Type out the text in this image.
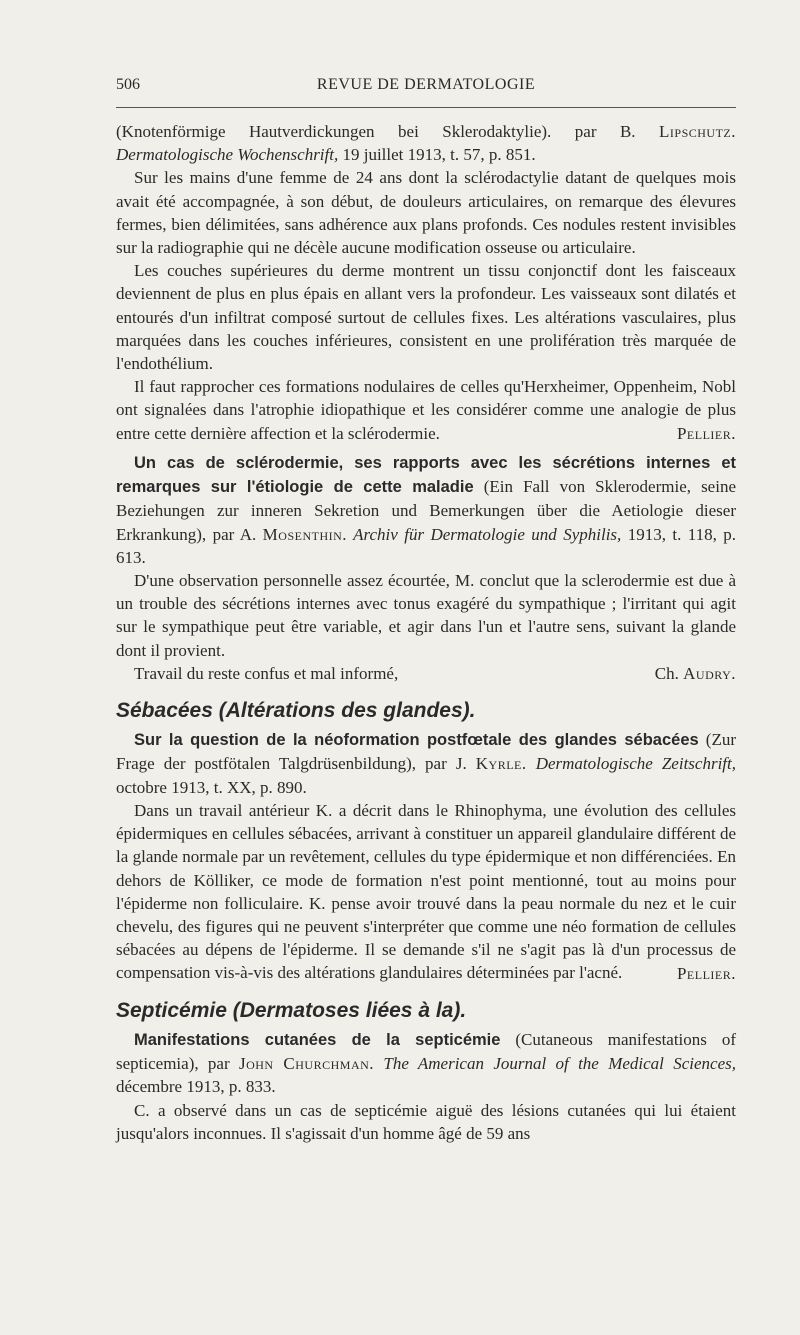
506	REVUE DE DERMATOLOGIE

(Knotenförmige Hautverdickungen bei Sklerodaktylie). par B. Lipschutz. Dermatologische Wochenschrift, 19 juillet 1913, t. 57, p. 851.

Sur les mains d'une femme de 24 ans dont la sclérodactylie datant de quelques mois avait été accompagnée, à son début, de douleurs articulaires, on remarque des élevures fermes, bien délimitées, sans adhérence aux plans profonds. Ces nodules restent invisibles sur la radiographie qui ne décèle aucune modification osseuse ou articulaire.

Les couches supérieures du derme montrent un tissu conjonctif dont les faisceaux deviennent de plus en plus épais en allant vers la profondeur. Les vaisseaux sont dilatés et entourés d'un infiltrat composé surtout de cellules fixes. Les altérations vasculaires, plus marquées dans les couches inférieures, consistent en une prolifération très marquée de l'endothélium.

Il faut rapprocher ces formations nodulaires de celles qu'Herxheimer, Oppenheim, Nobl ont signalées dans l'atrophie idiopathique et les considérer comme une analogie de plus entre cette dernière affection et la sclérodermie.	Pellier.

Un cas de sclérodermie, ses rapports avec les sécrétions internes et remarques sur l'étiologie de cette maladie (Ein Fall von Sklerodermie, seine Beziehungen zur inneren Sekretion und Bemerkungen über die Aetiologie dieser Erkrankung), par A. Mosenthin. Archiv für Dermatologie und Syphilis, 1913, t. 118, p. 613.

D'une observation personnelle assez écourtée, M. conclut que la sclerodermie est due à un trouble des sécrétions internes avec tonus exagéré du sympathique ; l'irritant qui agit sur le sympathique peut être variable, et agir dans l'un et l'autre sens, suivant la glande dont il provient.

Travail du reste confus et mal informé,	Ch. Audry.

Sébacées (Altérations des glandes).

Sur la question de la néoformation postfœtale des glandes sébacées (Zur Frage der postfötalen Talgdrüsenbildung), par J. Kyrle. Dermatologische Zeitschrift, octobre 1913, t. XX, p. 890.

Dans un travail antérieur K. a décrit dans le Rhinophyma, une évolution des cellules épidermiques en cellules sébacées, arrivant à constituer un appareil glandulaire différent de la glande normale par un revêtement, cellules du type épidermique et non différenciées. En dehors de Kölliker, ce mode de formation n'est point mentionné, tout au moins pour l'épiderme non folliculaire. K. pense avoir trouvé dans la peau normale du nez et le cuir chevelu, des figures qui ne peuvent s'interpréter que comme une néo formation de cellules sébacées au dépens de l'épiderme. Il se demande s'il ne s'agit pas là d'un processus de compensation vis-à-vis des altérations glandulaires déterminées par l'acné.	Pellier.

Septicémie (Dermatoses liées à la).

Manifestations cutanées de la septicémie (Cutaneous manifestations of septicemia), par John Churchman. The American Journal of the Medical Sciences, décembre 1913, p. 833.

C. a observé dans un cas de septicémie aiguë des lésions cutanées qui lui étaient jusqu'alors inconnues. Il s'agissait d'un homme âgé de 59 ans
